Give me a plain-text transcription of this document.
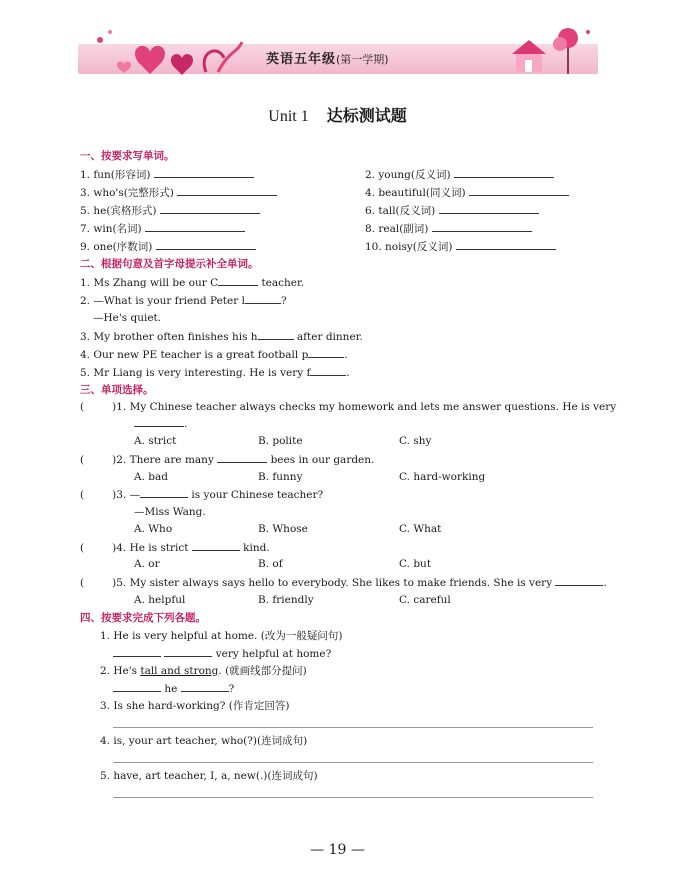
英语五年级(第一学期)
Unit 1 达标测试题
一、按要求写单词。
1. fun(形容词)	2. young(反义词)
3. who's(完整形式)	4. beautiful(同义词)
5. he(宾格形式)	6. tall(反义词)
7. win(名词)	8. real(副词)
9. one(序数词)	10. noisy(反义词)
二、根据句意及首字母提示补全单词。
1. Ms Zhang will be our C	teacher.
2. —What is your friend Peter l	?
—He's quiet.
3. My brother often finishes his h	after dinner.
4. Our new PE teacher is a great football p	.
5. Mr Liang is very interesting. He is very f	.
三、单项选择。
(	)1. My Chinese teacher always checks my homework and lets me answer questions. He is very
.
A. strict	B. polite	C. shy
(	)2. There are many	bees in our garden.
A. bad	B. funny	C. hard-working
(	)3. —	is your Chinese teacher?
—Miss Wang.
A. Who	B. Whose	C. What
(	)4. He is strict	kind.
A. or	B. of	C. but
(	)5. My sister always says hello to everybody. She likes to make friends. She is very	.
A. helpful	B. friendly	C. careful
四、按要求完成下列各题。
1. He is very helpful at home. (改为一般疑问句)
very helpful at home?
2. He's tall and strong. (就画线部分提问)
he	?
3. Is she hard-working? (作肯定回答)
4. is, your art teacher, who(?)(连词成句)
5. have, art teacher, I, a, new(.)(连词成句)
— 19 —
